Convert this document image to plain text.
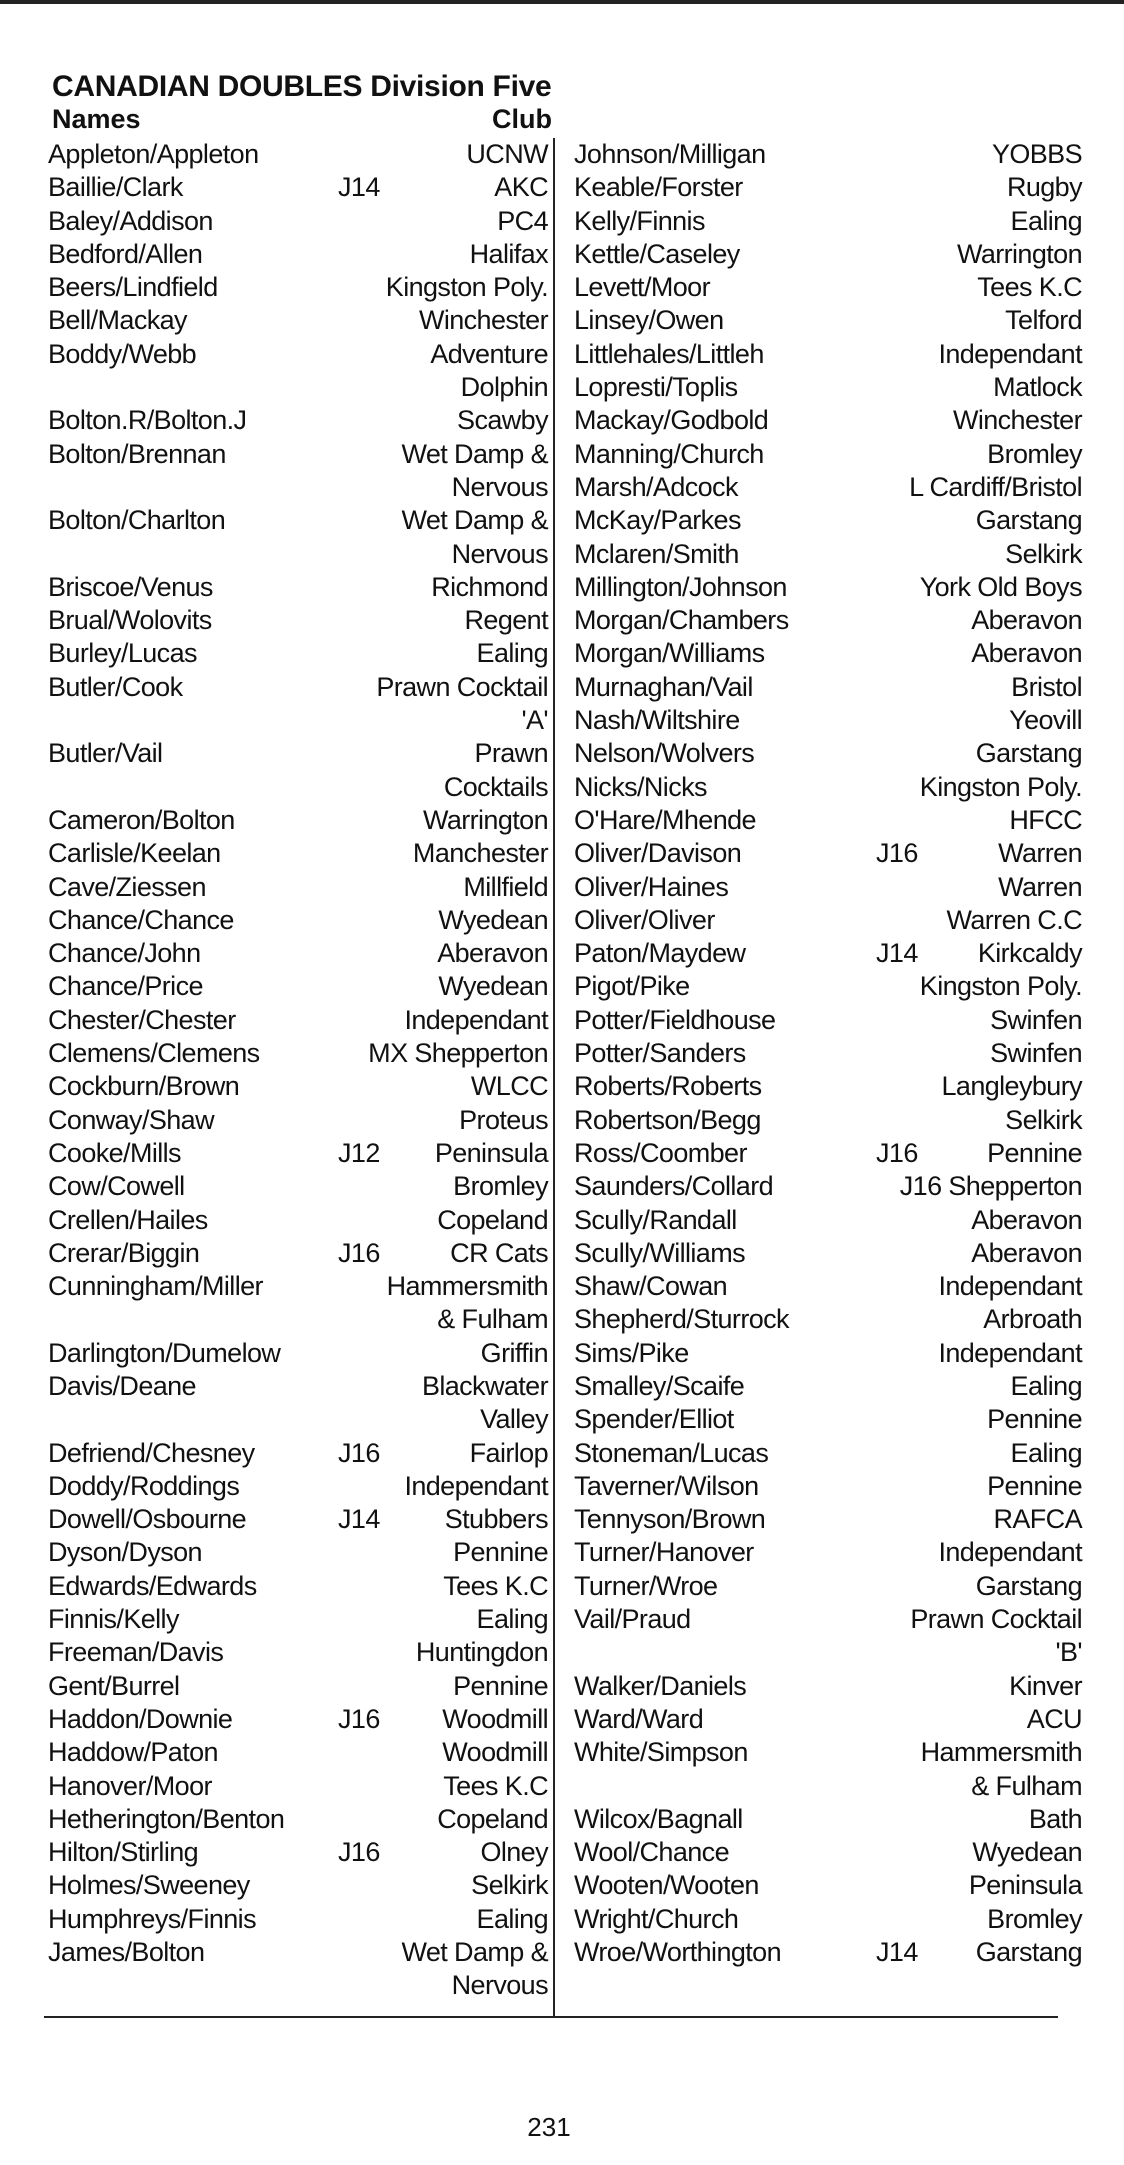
CANADIAN DOUBLES Division Five
Names	Club
Appleton/Appleton	UCNW
Baillie/Clark	J14	AKC
Baley/Addison	PC4
Bedford/Allen	Halifax
Beers/Lindfield	Kingston Poly.
Bell/Mackay	Winchester
Boddy/Webb	Adventure
Dolphin
Bolton.R/Bolton.J	Scawby
Bolton/Brennan	Wet Damp &
Nervous
Bolton/Charlton	Wet Damp &
Nervous
Briscoe/Venus	Richmond
Brual/Wolovits	Regent
Burley/Lucas	Ealing
Butler/Cook	Prawn Cocktail
'A'
Butler/Vail	Prawn
Cocktails
Cameron/Bolton	Warrington
Carlisle/Keelan	Manchester
Cave/Ziessen	Millfield
Chance/Chance	Wyedean
Chance/John	Aberavon
Chance/Price	Wyedean
Chester/Chester	Independant
Clemens/Clemens	MX Shepperton
Cockburn/Brown	WLCC
Conway/Shaw	Proteus
Cooke/Mills	J12 Peninsula
Cow/Cowell	Bromley
Crellen/Hailes	Copeland
Crerar/Biggin	J16	CR Cats
Cunningham/Miller	Hammersmith
& Fulham
Darlington/Dumelow	Griffin
Davis/Deane	Blackwater
Valley
Defriend/Chesney	J16	Fairlop
Doddy/Roddings	Independant
Dowell/Osbourne	J14 Stubbers
Dyson/Dyson	Pennine
Edwards/Edwards	Tees K.C
Finnis/Kelly	Ealing
Freeman/Davis	Huntingdon
Gent/Burrel	Pennine
Haddon/Downie	J16 Woodmill
Haddow/Paton	Woodmill
Hanover/Moor	Tees K.C
Hetherington/Benton	Copeland
Hilton/Stirling	J16	Olney
Holmes/Sweeney	Selkirk
Humphreys/Finnis	Ealing
James/Bolton	Wet Damp &
Nervous
Johnson/Milligan	YOBBS
Keable/Forster	Rugby
Kelly/Finnis	Ealing
Kettle/Caseley	Warrington
Levett/Moor	Tees K.C
Linsey/Owen	Telford
Littlehales/Littleh	Independant
Lopresti/Toplis	Matlock
Mackay/Godbold	Winchester
Manning/Church	Bromley
Marsh/Adcock	L Cardiff/Bristol
McKay/Parkes	Garstang
Mclaren/Smith	Selkirk
Millington/Johnson	York Old Boys
Morgan/Chambers	Aberavon
Morgan/Williams	Aberavon
Murnaghan/Vail	Bristol
Nash/Wiltshire	Yeovill
Nelson/Wolvers	Garstang
Nicks/Nicks	Kingston Poly.
O'Hare/Mhende	HFCC
Oliver/Davison	J16	Warren
Oliver/Haines	Warren
Oliver/Oliver	Warren C.C
Paton/Maydew	J14 Kirkcaldy
Pigot/Pike	Kingston Poly.
Potter/Fieldhouse	Swinfen
Potter/Sanders	Swinfen
Roberts/Roberts	Langleybury
Robertson/Begg	Selkirk
Ross/Coomber	J16	Pennine
Saunders/Collard	J16 Shepperton
Scully/Randall	Aberavon
Scully/Williams	Aberavon
Shaw/Cowan	Independant
Shepherd/Sturrock	Arbroath
Sims/Pike	Independant
Smalley/Scaife	Ealing
Spender/Elliot	Pennine
Stoneman/Lucas	Ealing
Taverner/Wilson	Pennine
Tennyson/Brown	RAFCA
Turner/Hanover	Independant
Turner/Wroe	Garstang
Vail/Praud	Prawn Cocktail
'B'
Walker/Daniels	Kinver
Ward/Ward	ACU
White/Simpson	Hammersmith
& Fulham
Wilcox/Bagnall	Bath
Wool/Chance	Wyedean
Wooten/Wooten	Peninsula
Wright/Church	Bromley
Wroe/Worthington	J14 Garstang
231
